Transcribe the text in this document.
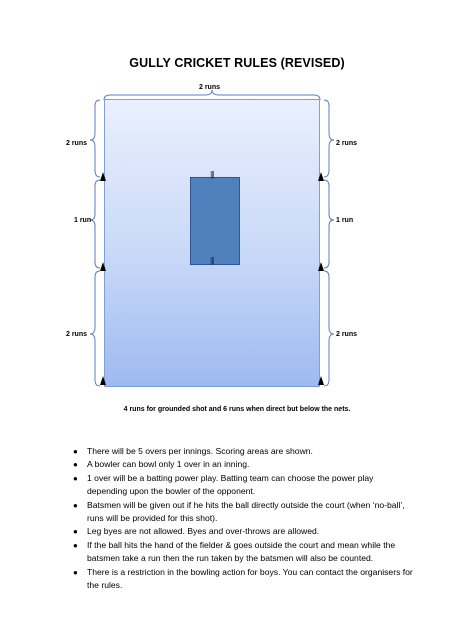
GULLY CRICKET RULES (REVISED)
|||
|||
2 runs
2 runs
1 run
2 runs
2 runs
1 run
2 runs
4 runs for grounded shot and 6 runs when direct but below the nets.
● There will be 5 overs per innings. Scoring areas are shown.
● A bowler can bowl only 1 over in an inning.
● 1 over will be a batting power play. Batting team can choose the power play depending upon the bowler of the opponent.
● Batsmen will be given out if he hits the ball directly outside the court (when ‘no-ball’, runs will be provided for this shot).
● Leg byes are not allowed. Byes and over-throws are allowed.
● If the ball hits the hand of the fielder & goes outside the court and mean while the batsmen take a run then the run taken by the batsmen will also be counted.
● There is a restriction in the bowling action for boys. You can contact the organisers for the rules.
